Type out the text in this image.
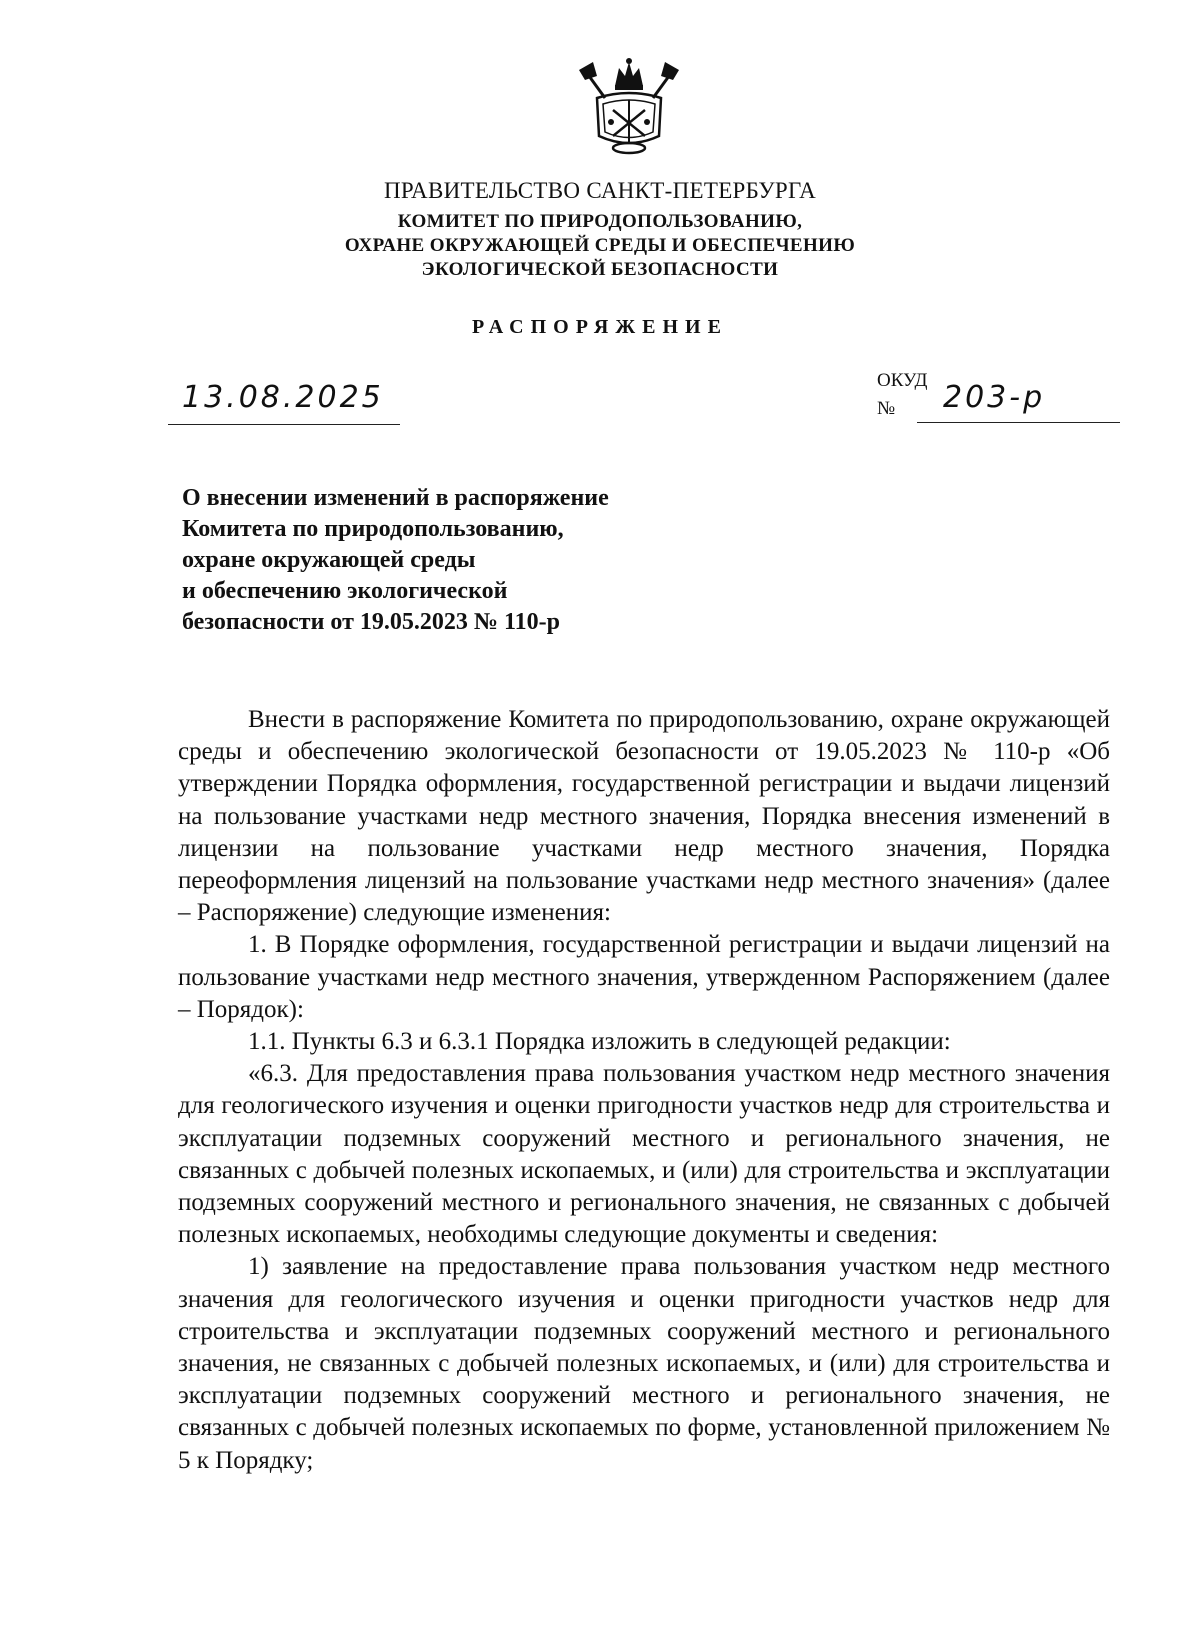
ПРАВИТЕЛЬСТВО САНКТ-ПЕТЕРБУРГА
КОМИТЕТ ПО ПРИРОДОПОЛЬЗОВАНИЮ,
ОХРАНЕ ОКРУЖАЮЩЕЙ СРЕДЫ И ОБЕСПЕЧЕНИЮ
ЭКОЛОГИЧЕСКОЙ БЕЗОПАСНОСТИ
РАСПОРЯЖЕНИЕ
13.08.2025	ОКУД
№ 203-р
О внесении изменений в распоряжение
Комитета по природопользованию,
охране окружающей среды
и обеспечению экологической
безопасности от 19.05.2023 № 110-р

Внести в распоряжение Комитета по природопользованию, охране окружающей среды и обеспечению экологической безопасности от 19.05.2023 № 110-р «Об утверждении Порядка оформления, государственной регистрации и выдачи лицензий на пользование участками недр местного значения, Порядка внесения изменений в лицензии на пользование участками недр местного значения, Порядка переоформления лицензий на пользование участками недр местного значения» (далее – Распоряжение) следующие изменения:

1. В Порядке оформления, государственной регистрации и выдачи лицензий на пользование участками недр местного значения, утвержденном Распоряжением (далее – Порядок):

1.1. Пункты 6.3 и 6.3.1 Порядка изложить в следующей редакции:

«6.3. Для предоставления права пользования участком недр местного значения для геологического изучения и оценки пригодности участков недр для строительства и эксплуатации подземных сооружений местного и регионального значения, не связанных с добычей полезных ископаемых, и (или) для строительства и эксплуатации подземных сооружений местного и регионального значения, не связанных с добычей полезных ископаемых, необходимы следующие документы и сведения:

1) заявление на предоставление права пользования участком недр местного значения для геологического изучения и оценки пригодности участков недр для строительства и эксплуатации подземных сооружений местного и регионального значения, не связанных с добычей полезных ископаемых, и (или) для строительства и эксплуатации подземных сооружений местного и регионального значения, не связанных с добычей полезных ископаемых по форме, установленной приложением № 5 к Порядку;
